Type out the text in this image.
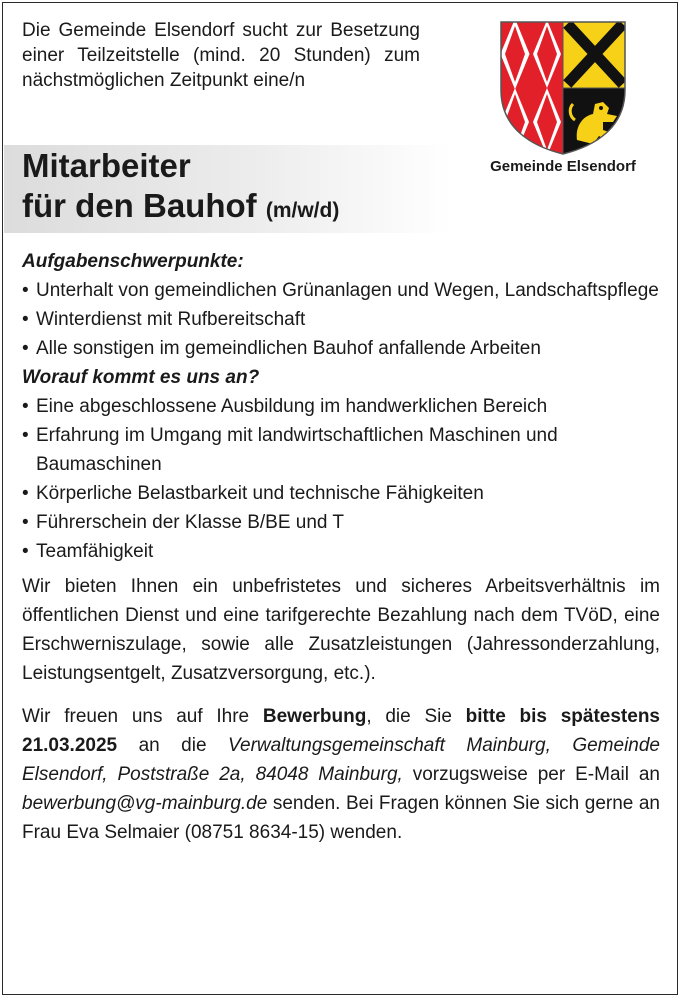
Die Gemeinde Elsendorf sucht zur Besetzung einer Teilzeitstelle (mind. 20 Stunden) zum nächstmöglichen Zeitpunkt eine/n
Gemeinde Elsendorf
Mitarbeiter
für den Bauhof (m/w/d)
Aufgabenschwerpunkte:
• Unterhalt von gemeindlichen Grünanlagen und Wegen, Landschaftspflege
• Winterdienst mit Rufbereitschaft
• Alle sonstigen im gemeindlichen Bauhof anfallende Arbeiten
Worauf kommt es uns an?
• Eine abgeschlossene Ausbildung im handwerklichen Bereich
• Erfahrung im Umgang mit landwirtschaftlichen Maschinen und Baumaschinen
• Körperliche Belastbarkeit und technische Fähigkeiten
• Führerschein der Klasse B/BE und T
• Teamfähigkeit
Wir bieten Ihnen ein unbefristetes und sicheres Arbeitsverhältnis im öffentlichen Dienst und eine tarifgerechte Bezahlung nach dem TVöD, eine Erschwerniszulage, sowie alle Zusatzleistungen (Jahressonderzahlung, Leistungsentgelt, Zusatzversorgung, etc.).
Wir freuen uns auf Ihre Bewerbung, die Sie bitte bis spätestens 21.03.2025 an die Verwaltungsgemeinschaft Mainburg, Gemeinde Elsendorf, Poststraße 2a, 84048 Mainburg, vorzugsweise per E-Mail an bewerbung@vg-mainburg.de senden. Bei Fragen können Sie sich gerne an Frau Eva Selmaier (08751 8634-15) wenden.
